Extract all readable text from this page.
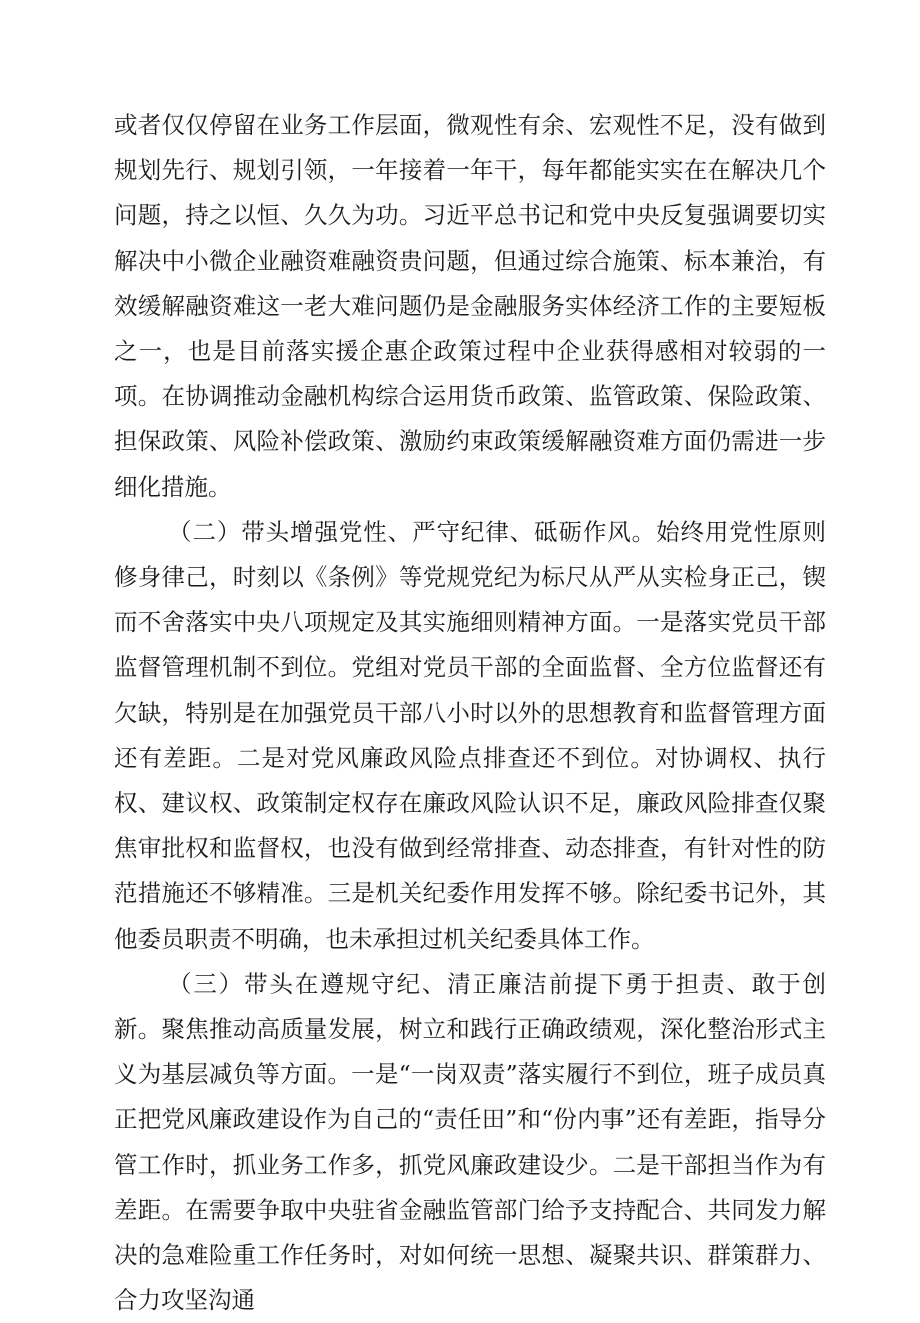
或者仅仅停留在业务工作层面，微观性有余、宏观性不足，没有做到规划先行、规划引领，一年接着一年干，每年都能实实在在解决几个问题，持之以恒、久久为功。习近平总书记和党中央反复强调要切实解决中小微企业融资难融资贵问题，但通过综合施策、标本兼治，有效缓解融资难这一老大难问题仍是金融服务实体经济工作的主要短板之一，也是目前落实援企惠企政策过程中企业获得感相对较弱的一项。在协调推动金融机构综合运用货币政策、监管政策、保险政策、担保政策、风险补偿政策、激励约束政策缓解融资难方面仍需进一步细化措施。

（二）带头增强党性、严守纪律、砥砺作风。始终用党性原则修身律己，时刻以《条例》等党规党纪为标尺从严从实检身正己，锲而不舍落实中央八项规定及其实施细则精神方面。一是落实党员干部监督管理机制不到位。党组对党员干部的全面监督、全方位监督还有欠缺，特别是在加强党员干部八小时以外的思想教育和监督管理方面还有差距。二是对党风廉政风险点排查还不到位。对协调权、执行权、建议权、政策制定权存在廉政风险认识不足，廉政风险排查仅聚焦审批权和监督权，也没有做到经常排查、动态排查，有针对性的防范措施还不够精准。三是机关纪委作用发挥不够。除纪委书记外，其他委员职责不明确，也未承担过机关纪委具体工作。

（三）带头在遵规守纪、清正廉洁前提下勇于担责、敢于创新。聚焦推动高质量发展，树立和践行正确政绩观，深化整治形式主义为基层减负等方面。一是“一岗双责”落实履行不到位，班子成员真正把党风廉政建设作为自己的“责任田”和“份内事”还有差距，指导分管工作时，抓业务工作多，抓党风廉政建设少。二是干部担当作为有差距。在需要争取中央驻省金融监管部门给予支持配合、共同发力解决的急难险重工作任务时，对如何统一思想、凝聚共识、群策群力、合力攻坚沟通
